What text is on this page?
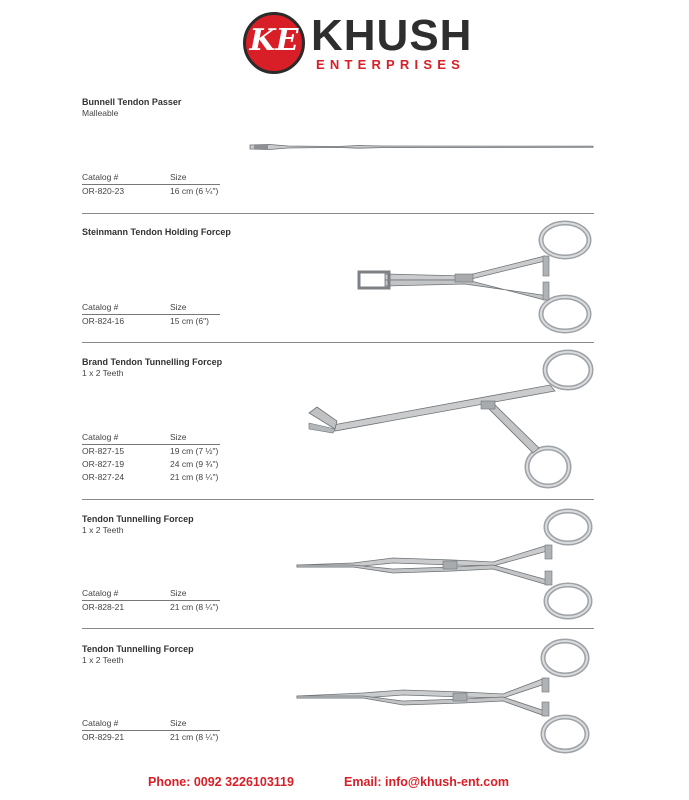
KE KHUSH
ENTERPRISES
Bunnell Tendon Passer
Malleable
Catalog #	Size
OR-820-23	16 cm (6 ¼")
Steinmann Tendon Holding Forcep
Catalog #	Size
OR-824-16	15 cm (6")
Brand Tendon Tunnelling Forcep
1 x 2 Teeth
Catalog #	Size
OR-827-15	19 cm (7 ½")
OR-827-19	24 cm (9 ¾")
OR-827-24	21 cm (8 ¼")
Tendon Tunnelling Forcep
1 x 2 Teeth
Catalog #	Size
OR-828-21	21 cm (8 ¼")
Tendon Tunnelling Forcep
1 x 2 Teeth
Catalog #	Size
OR-829-21	21 cm (8 ¼")
Phone: 0092 3226103119	Email: info@khush-ent.com
